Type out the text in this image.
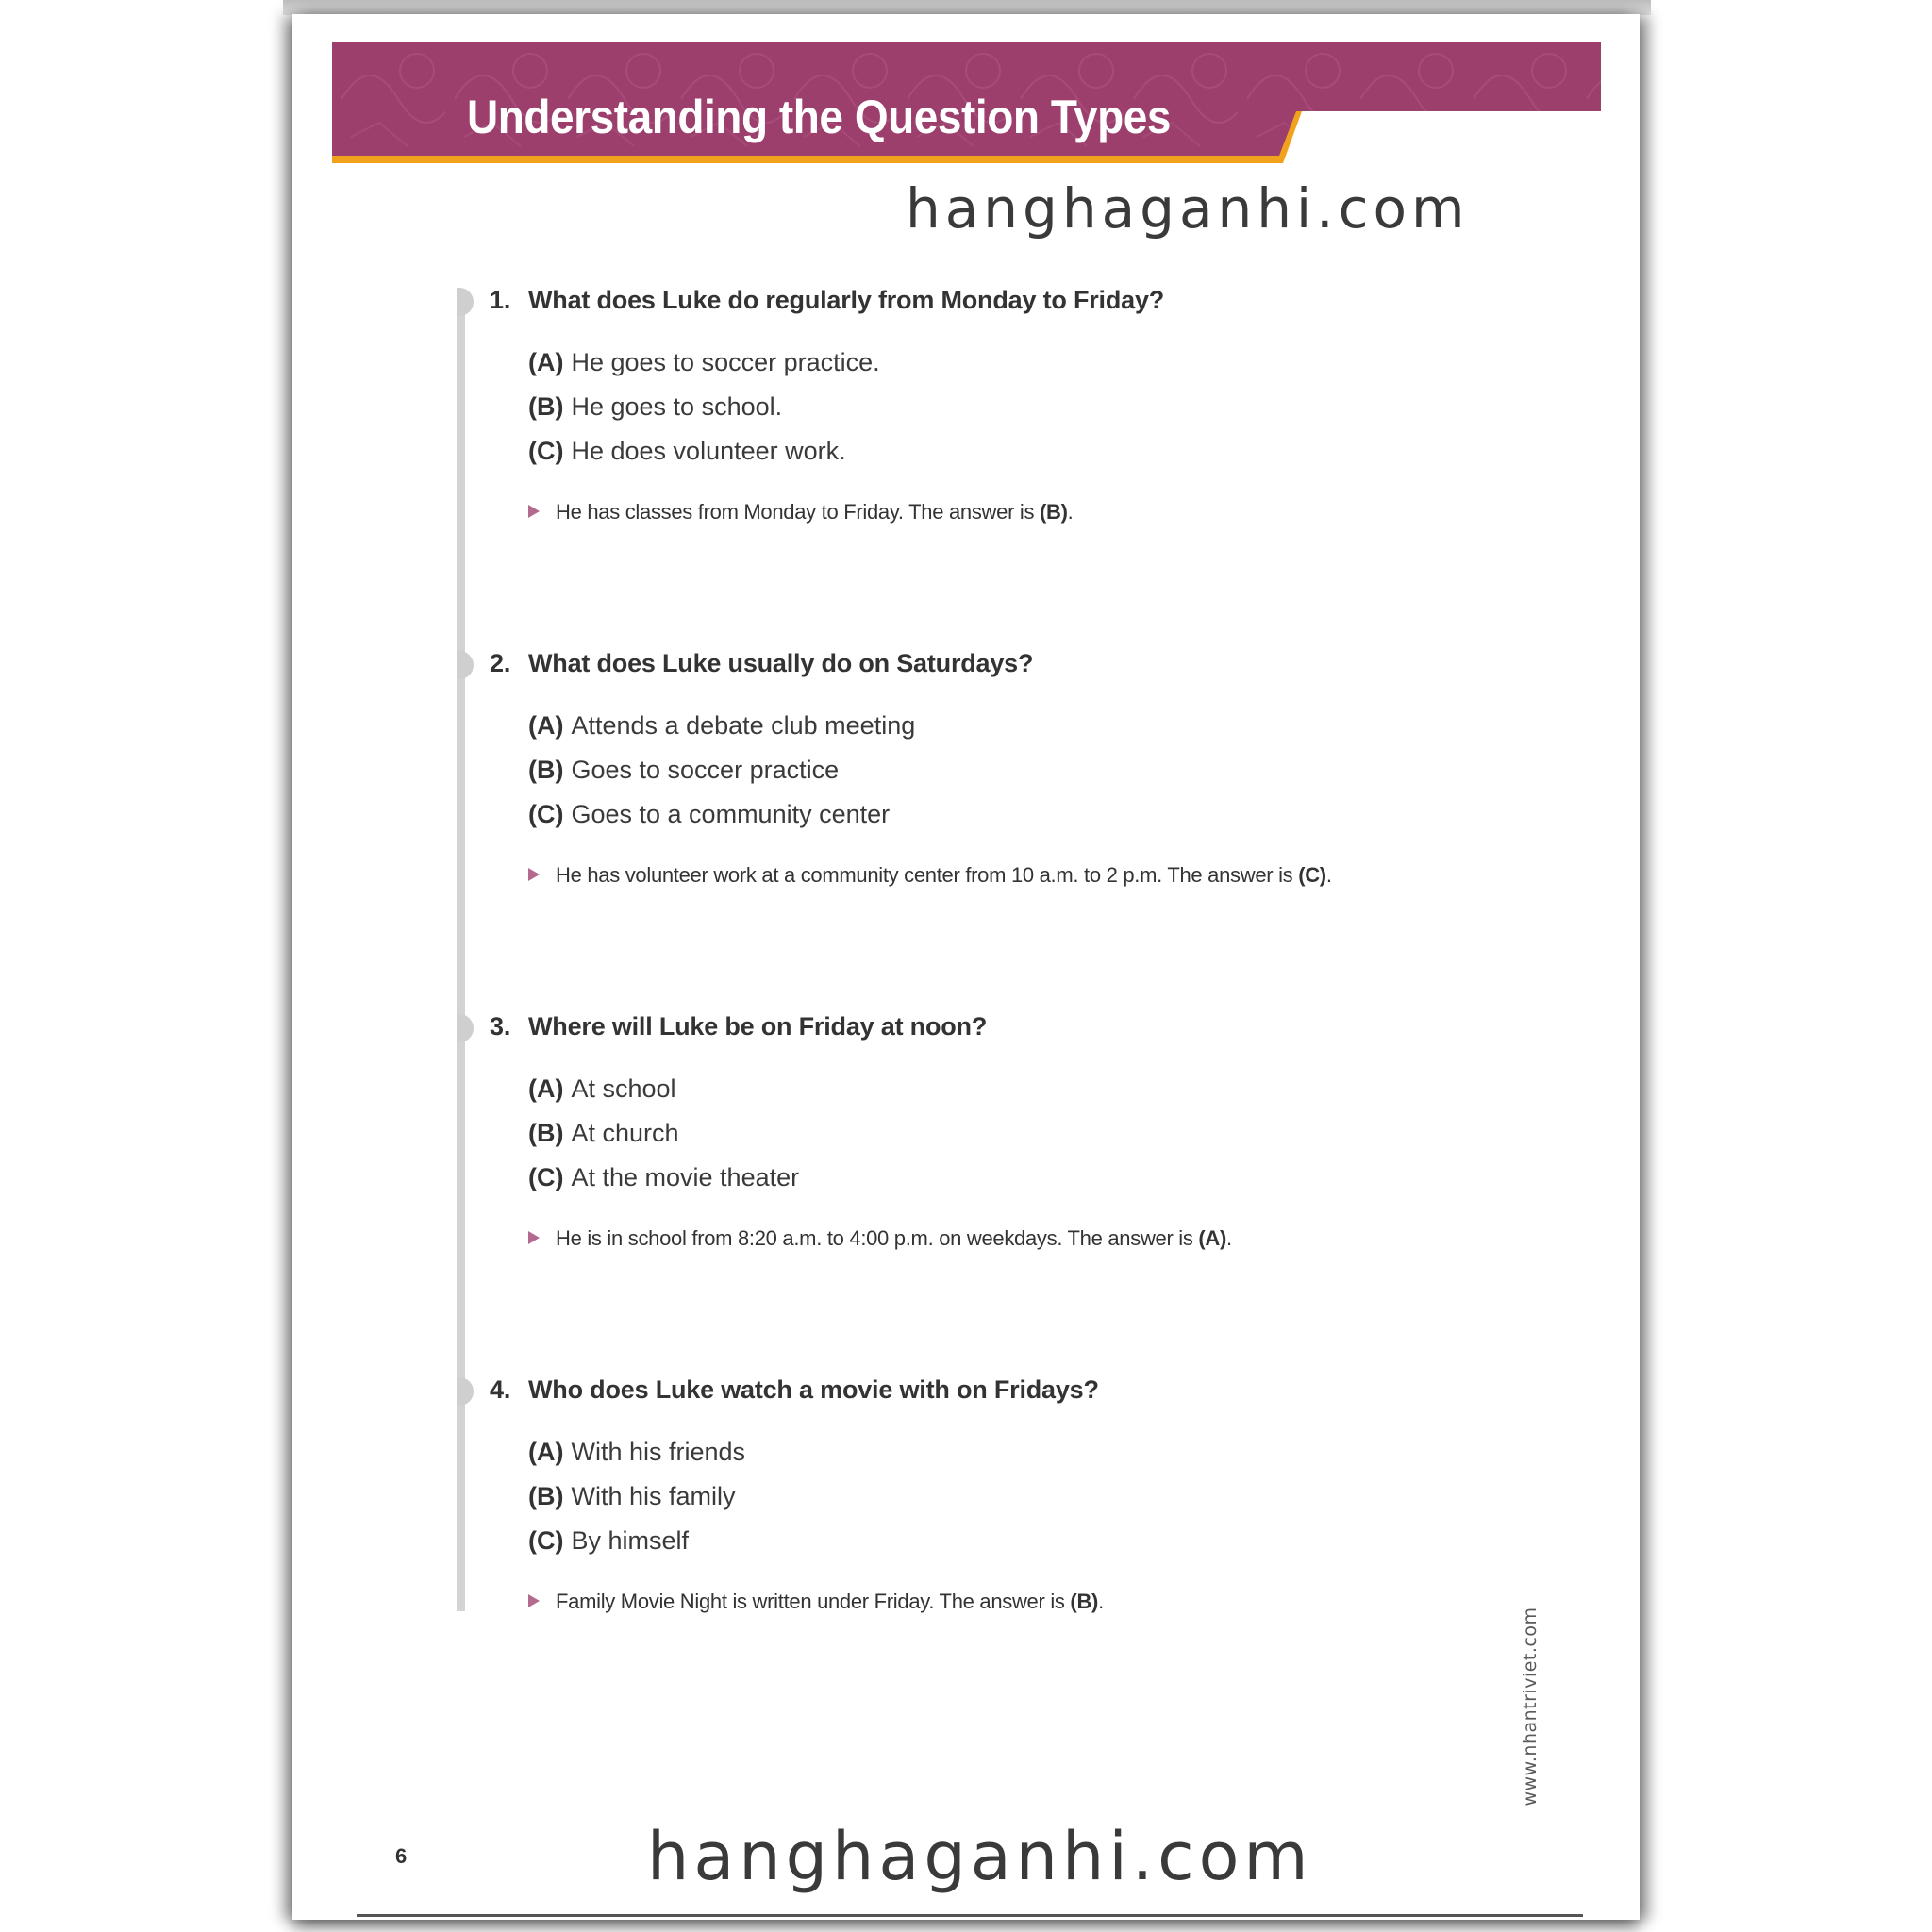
Understanding the Question Types
hanghaganhi.com
1. What does Luke do regularly from Monday to Friday?
(A) He goes to soccer practice.
(B) He goes to school.
(C) He does volunteer work.
He has classes from Monday to Friday. The answer is (B).
2. What does Luke usually do on Saturdays?
(A) Attends a debate club meeting
(B) Goes to soccer practice
(C) Goes to a community center
He has volunteer work at a community center from 10 a.m. to 2 p.m. The answer is (C).
3. Where will Luke be on Friday at noon?
(A) At school
(B) At church
(C) At the movie theater
He is in school from 8:20 a.m. to 4:00 p.m. on weekdays. The answer is (A).
4. Who does Luke watch a movie with on Fridays?
(A) With his friends
(B) With his family
(C) By himself
Family Movie Night is written under Friday. The answer is (B).
www.nhantriviet.com
6	hanghaganhi.com
